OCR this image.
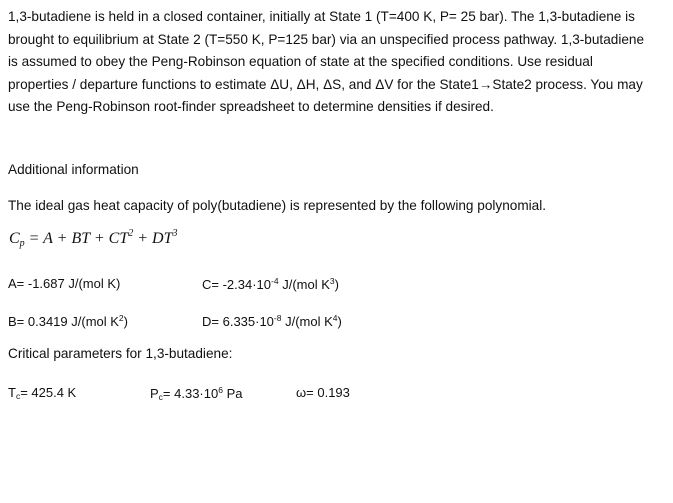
1,3-butadiene is held in a closed container, initially at State 1 (T=400 K, P= 25 bar). The 1,3-butadiene is brought to equilibrium at State 2 (T=550 K, P=125 bar) via an unspecified process pathway. 1,3-butadiene is assumed to obey the Peng-Robinson equation of state at the specified conditions. Use residual properties / departure functions to estimate ΔU, ΔH, ΔS, and ΔV for the State1→State2 process. You may use the Peng-Robinson root-finder spreadsheet to determine densities if desired.
Additional information
The ideal gas heat capacity of poly(butadiene) is represented by the following polynomial.
$C_p = A$ + BT + $CT^2 + DT^3$
A= -1.687 J/(mol K)	$C= -2.34\cdot 10^{-4}$ J/(mol $K^3$)
B= 0.3419 J/(mol $K^2$)	$D= 6.335\cdot 10^{-8}$ J/(mol $K^4$)
Critical parameters for 1,3-butadiene:
$T_c= 425.4$ K	$P_c= 4.33\cdot 10^6$ Pa	ω= 0.193
